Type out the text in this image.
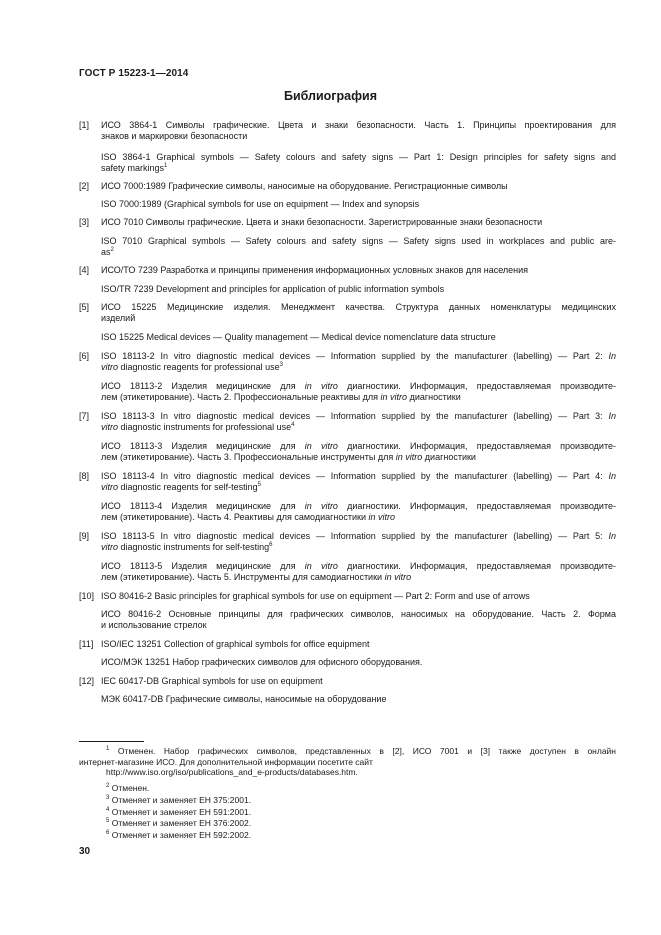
ГОСТ Р 15223-1—2014
Библиография
[1] ИСО 3864-1 Символы графические. Цвета и знаки безопасности. Часть 1. Принципы проектирования для
знаков и маркировки безопасности
ISO 3864-1 Graphical symbols — Safety colours and safety signs — Part 1: Design principles for safety signs and
safety markings$^1$
[2] ИСО 7000:1989 Графические символы, наносимые на оборудование. Регистрационные символы
ISO 7000:1989 (Graphical symbols for use on equipment — Index and synopsis
[3] ИСО 7010 Символы графические. Цвета и знаки безопасности. Зарегистрированные знаки безопасности
ISO 7010 Graphical symbols — Safety colours and safety signs — Safety signs used in workplaces and public are-
$as^2$
[4] ИСО/ТО 7239 Разработка и принципы применения информационных условных знаков для населения
ISO/TR 7239 Development and principles for application of public information symbols
[5] ИСО 15225 Медицинские изделия. Менеджмент качества. Структура данных номенклатуры медицинских
изделий
ISO 15225 Medical devices — Quality management — Medical device nomenclature data structure
[6] ISO 18113-2 In vitro diagnostic medical devices — Information supplied by the manufacturer (labelling) — Part 2: In
vitro diagnostic reagents for professional use$^3$
ИСО 18113-2 Изделия медицинские для in vitro диагностики. Информация, предоставляемая производите-
лем (этикетирование). Часть 2. Профессиональные реактивы для in vitro диагностики
[7] ISO 18113-3 In vitro diagnostic medical devices — Information supplied by the manufacturer (labelling) — Part 3: In
vitro diagnostic instruments for professional use$^4$
ИСО 18113-3 Изделия медицинские для in vitro диагностики. Информация, предоставляемая производите-
лем (этикетирование). Часть 3. Профессиональные инструменты для in vitro диагностики
[8] ISO 18113-4 In vitro diagnostic medical devices — Information supplied by the manufacturer (labelling) — Part 4: In
vitro diagnostic reagents for self-testing$^5$
ИСО 18113-4 Изделия медицинские для in vitro диагностики. Информация, предоставляемая производите-
лем (этикетирование). Часть 4. Реактивы для самодиагностики in vitro
[9] ISO 18113-5 In vitro diagnostic medical devices — Information supplied by the manufacturer (labelling) — Part 5: In
vitro diagnostic instruments for self-testing$^6$
ИСО 18113-5 Изделия медицинские для in vitro диагностики. Информация, предоставляемая производите-
лем (этикетирование). Часть 5. Инструменты для самодиагностики in vitro
[10] ISO 80416-2 Basic principles for graphical symbols for use on equipment — Part 2: Form and use of arrows
ИСО 80416-2 Основные принципы для графических символов, наносимых на оборудование. Часть 2. Форма
и использование стрелок
[11] ISO/IEC 13251 Collection of graphical symbols for office equipment
ИСО/МЭК 13251 Набор графических символов для офисного оборудования.
[12] IEC 60417-DB Graphical symbols for use on equipment
МЭК 60417-DB Графические символы, наносимые на оборудование
$^1$ Отменен. Набор графических символов, представленных в [2], ИСО 7001 и [3] также доступен в онлайн
интернет-магазине ИСО. Для дополнительной информации посетите сайт
http://www.iso.org/iso/publications_and_e-products/databases.htm.
$^2$ Отменен.
$^3$ Отменяет и заменяет ЕН 375:2001.
$^4$ Отменяет и заменяет ЕН 591:2001.
$^5$ Отменяет и заменяет ЕН 376:2002.
$^6$ Отменяет и заменяет ЕН 592:2002.
30
